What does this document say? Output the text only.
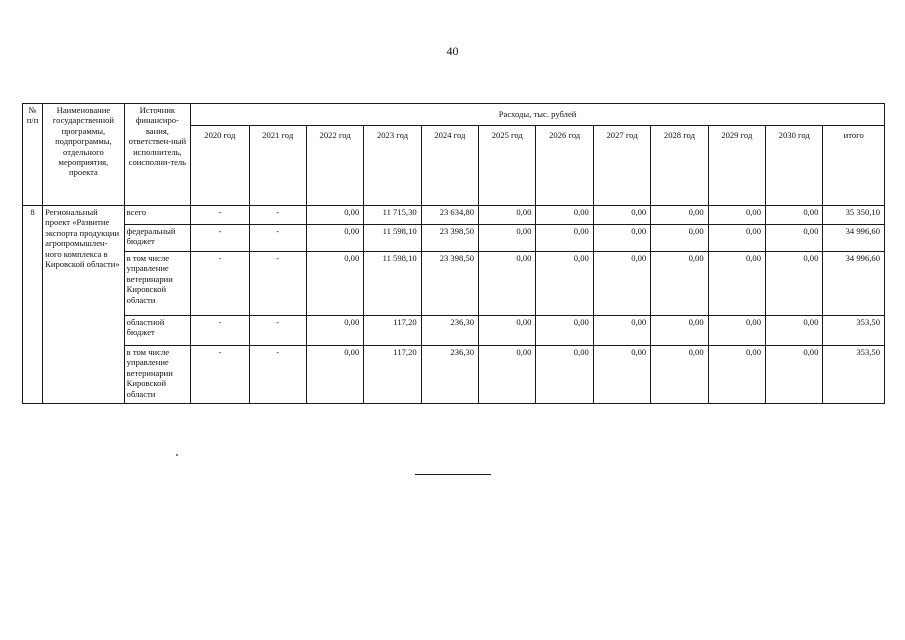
40
№ п/п	Наименование государственной программы, подпрограммы, отдельного мероприятия, проекта	Источник финансиро-вания, ответствен-ный исполнитель, соисполни-тель	Расходы, тыс. рублей											
			2020 год	2021 год	2022 год	2023 год	2024 год	2025 год	2026 год	2027 год	2028 год	2029 год	2030 год	итого
8	Региональный проект «Развитие экспорта продукции агропромышлен-ного комплекса в Кировской области»	всего	-	-	0,00	11 715,30	23 634,80	0,00	0,00	0,00	0,00	0,00	0,00	35 350,10
		федеральный бюджет	-	-	0,00	11 598,10	23 398,50	0,00	0,00	0,00	0,00	0,00	0,00	34 996,60
		в том числе управление ветеринарии Кировской области	-	-	0,00	11 598,10	23 398,50	0,00	0,00	0,00	0,00	0,00	0,00	34 996,60
		областной бюджет	-	-	0,00	117,20	236,30	0,00	0,00	0,00	0,00	0,00	0,00	353,50
		в том числе управление ветеринарии Кировской области	-	-	0,00	117,20	236,30	0,00	0,00	0,00	0,00	0,00	0,00	353,50
